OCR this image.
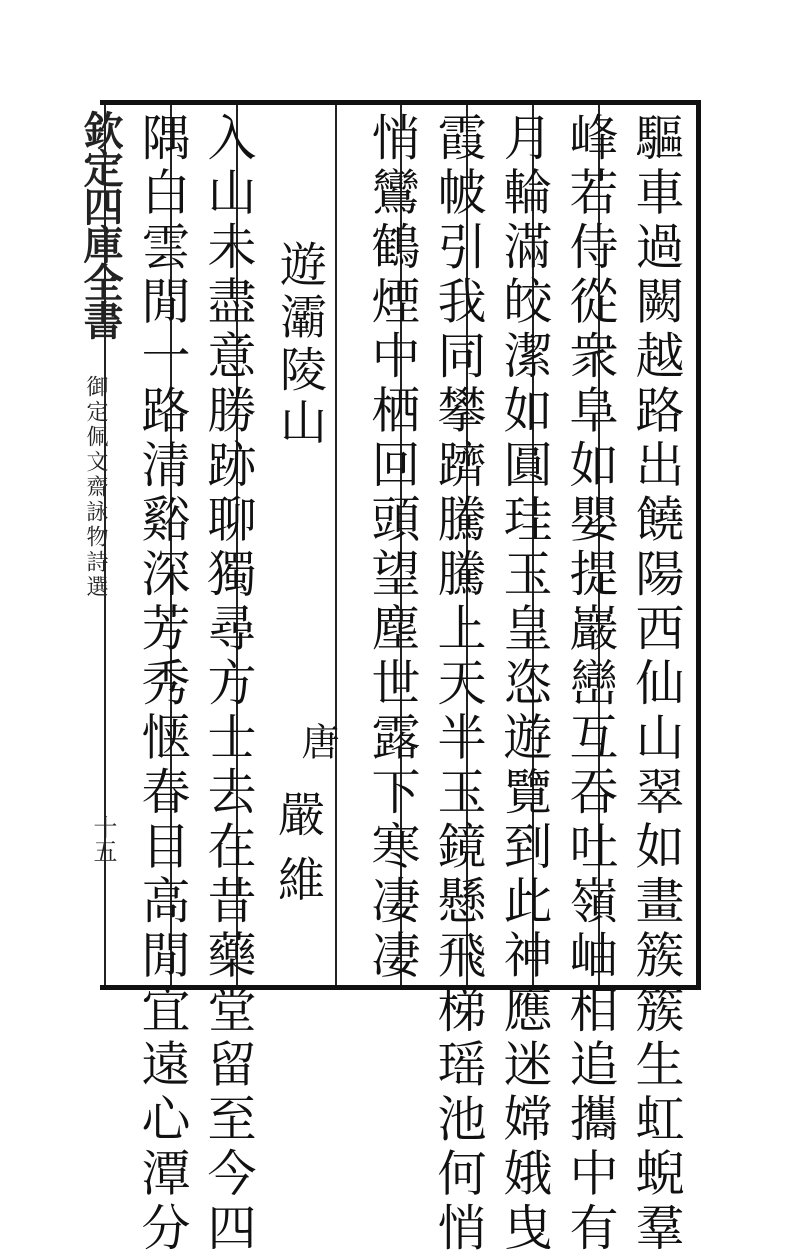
欽定四庫全書
御定佩文齋詠物詩選
十五	驅車過闕越路出饒陽西仙山翠如畫簇簇生虹蜺羣
峰若侍從衆阜如嬰提巖巒互吞吐嶺岫相追攜中有
月輪滿皎潔如圓珪玉皇恣遊覽到此神應迷嫦娥曳
霞帔引我同攀躋騰騰上天半玉鏡懸飛梯瑶池何悄
悄鸞鶴煙中栖回頭望塵世露下寒凄凄
遊灞陵山
唐
嚴維
入山未盡意勝跡聊獨尋方士去在昔藥堂留至今四
隅白雲閒一路清谿深芳秀惬春目高閒宜遠心潭分
